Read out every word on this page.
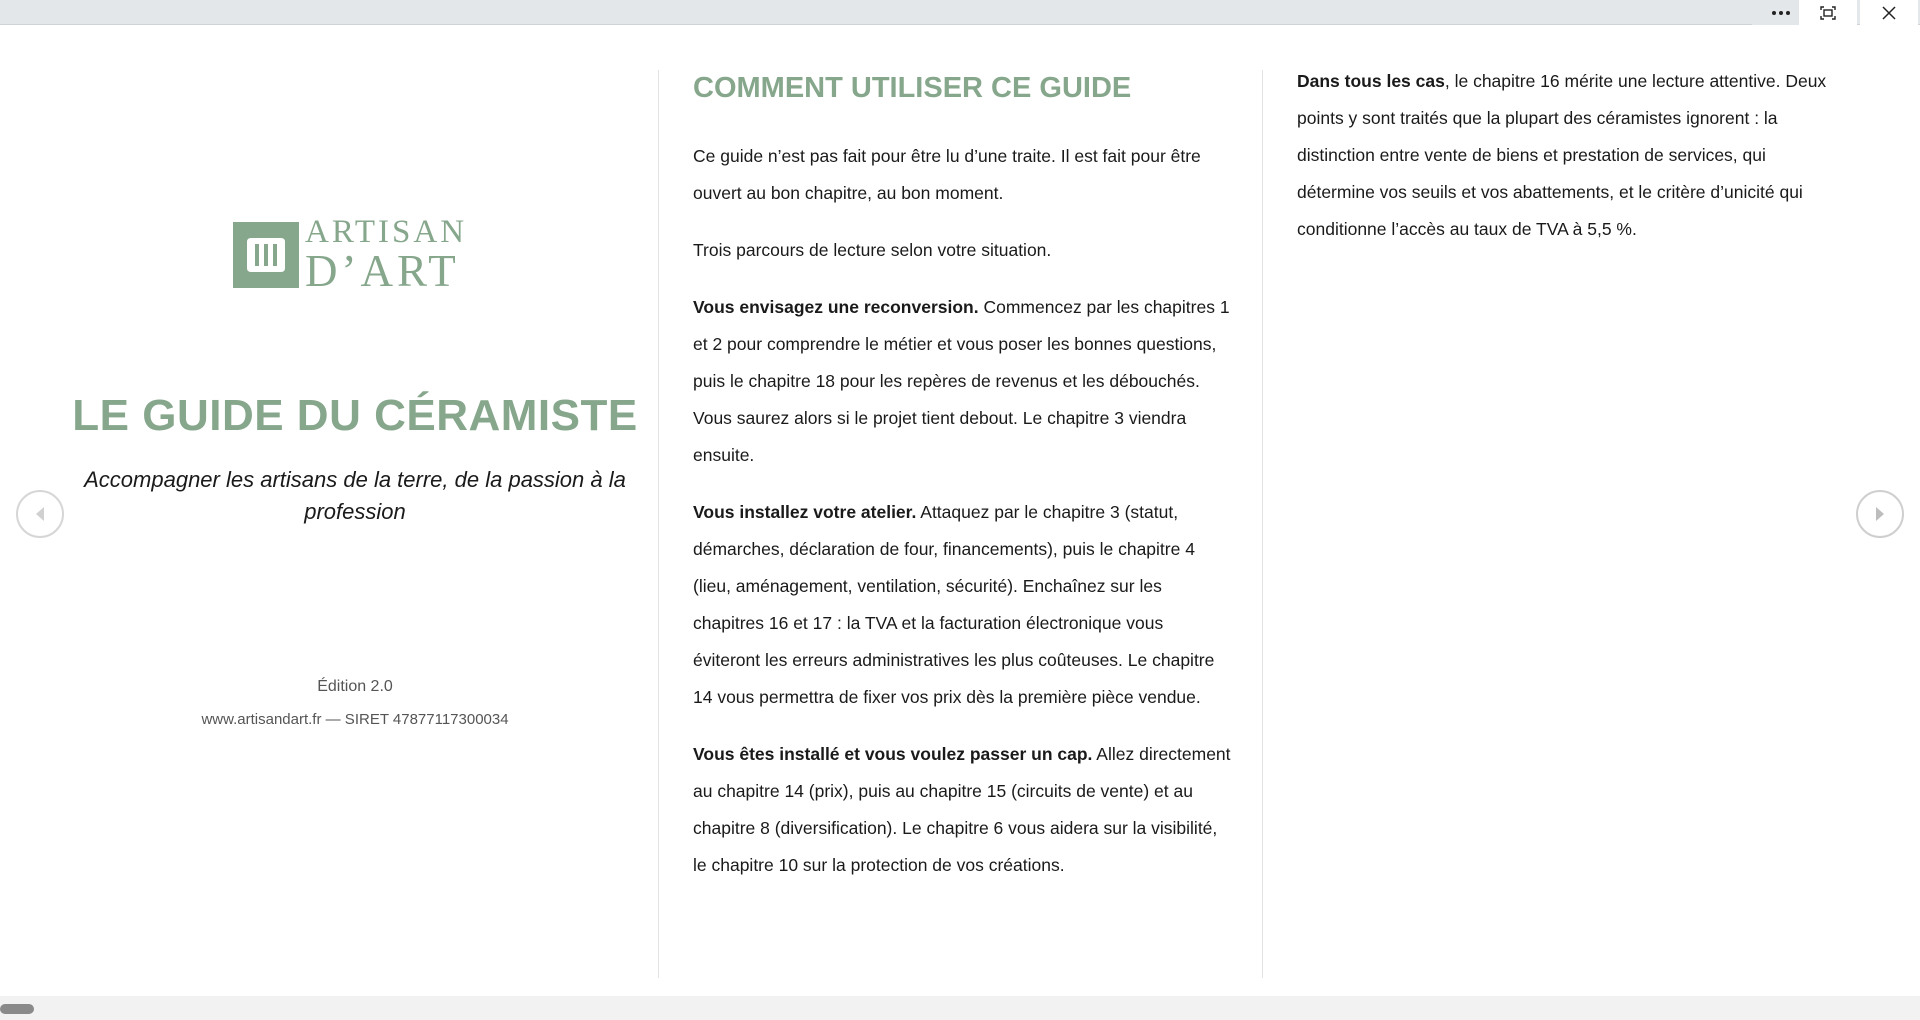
ARTISAN
D’ART
LE GUIDE DU CÉRAMISTE
Accompagner les artisans de la terre, de la passion à la profession
Édition 2.0
www.artisandart.fr — SIRET 47877117300034
COMMENT UTILISER CE GUIDE

Ce guide n’est pas fait pour être lu d’une traite. Il est fait pour être ouvert au bon chapitre, au bon moment.

Trois parcours de lecture selon votre situation.

Vous envisagez une reconversion. Commencez par les chapitres 1 et 2 pour comprendre le métier et vous poser les bonnes questions, puis le chapitre 18 pour les repères de revenus et les débouchés. Vous saurez alors si le projet tient debout. Le chapitre 3 viendra ensuite.

Vous installez votre atelier. Attaquez par le chapitre 3 (statut, démarches, déclaration de four, financements), puis le chapitre 4 (lieu, aménagement, ventilation, sécurité). Enchaînez sur les chapitres 16 et 17 : la TVA et la facturation électronique vous éviteront les erreurs administratives les plus coûteuses. Le chapitre 14 vous permettra de fixer vos prix dès la première pièce vendue.

Vous êtes installé et vous voulez passer un cap. Allez directement au chapitre 14 (prix), puis au chapitre 15 (circuits de vente) et au chapitre 8 (diversification). Le chapitre 6 vous aidera sur la visibilité, le chapitre 10 sur la protection de vos créations.

Dans tous les cas, le chapitre 16 mérite une lecture attentive. Deux points y sont traités que la plupart des céramistes ignorent : la distinction entre vente de biens et prestation de services, qui détermine vos seuils et vos abattements, et le critère d’unicité qui conditionne l’accès au taux de TVA à 5,5 %.
